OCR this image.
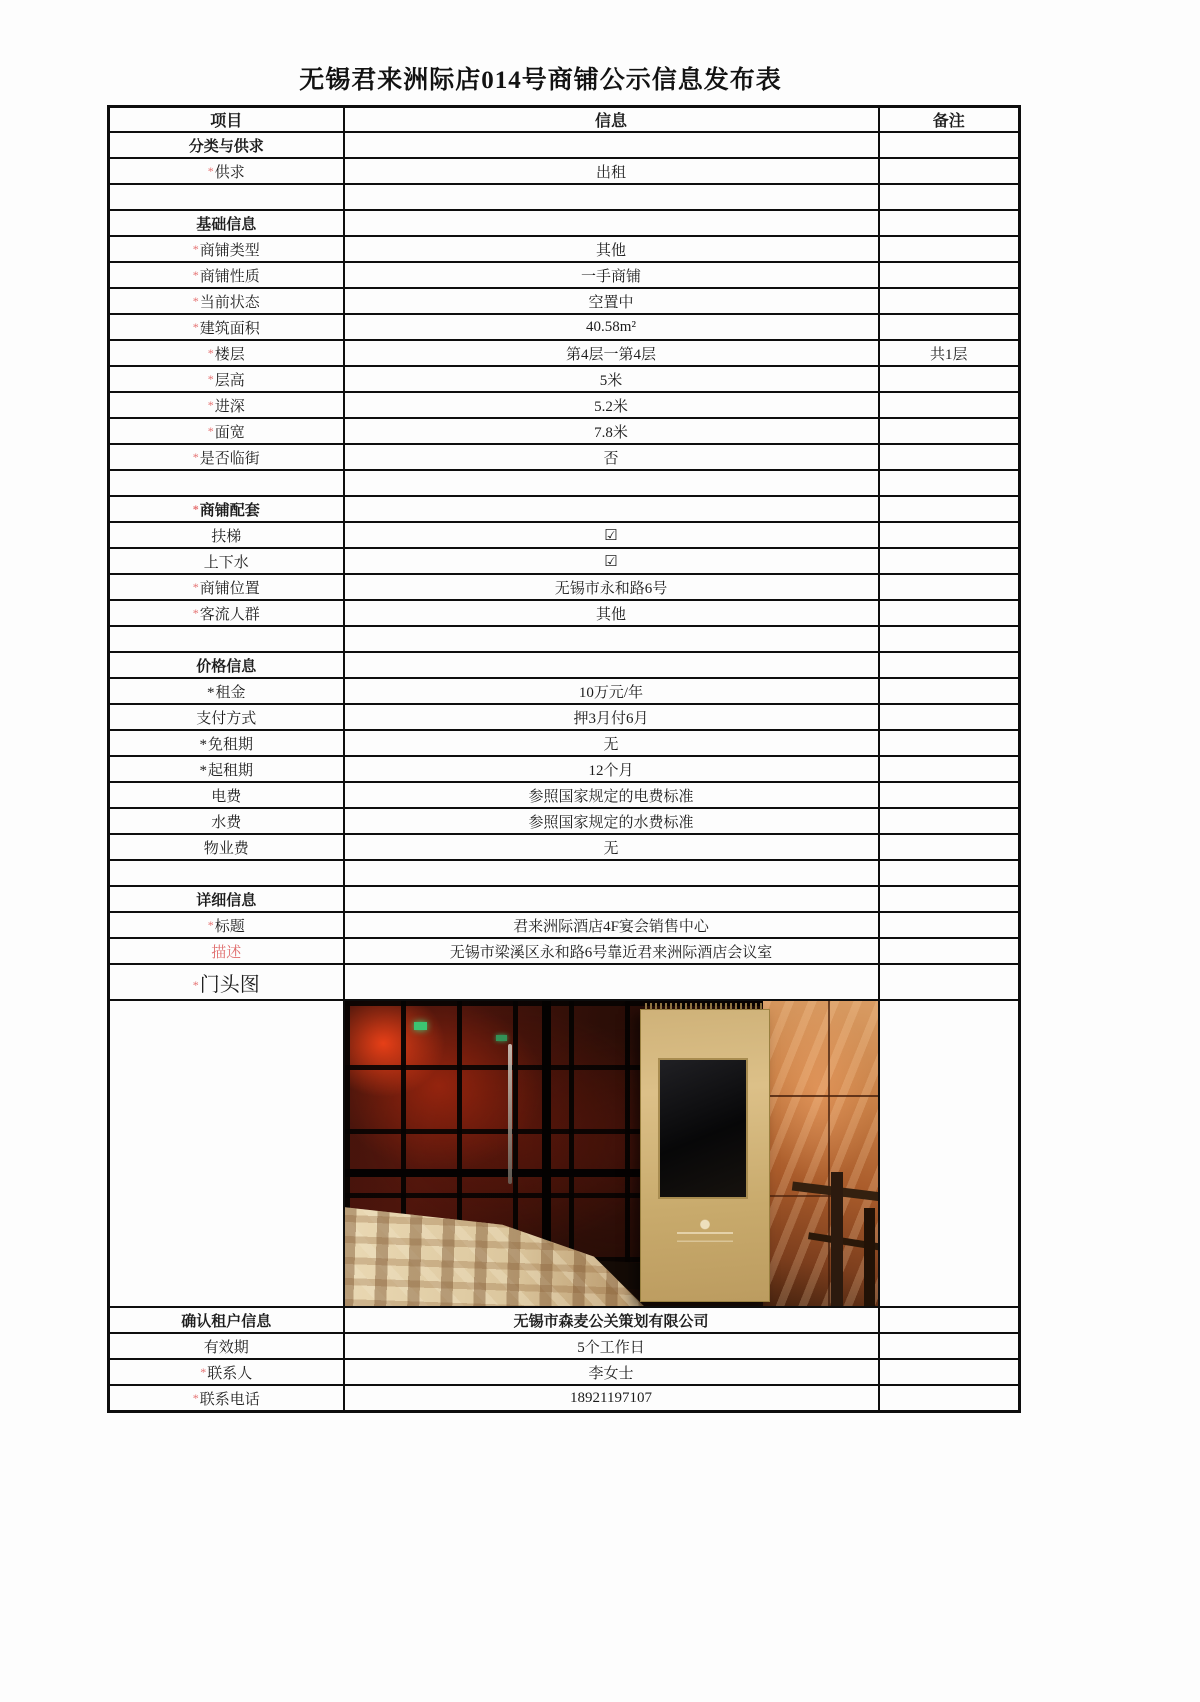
无锡君来洲际店014号商铺公示信息发布表
项目	信息	备注
分类与供求		
*供求	出租	

基础信息		
*商铺类型	其他	
*商铺性质	一手商铺	
*当前状态	空置中	
*建筑面积	40.58m²	
*楼层	第4层一第4层	共1层
*层高	5米	
*进深	5.2米	
*面宽	7.8米	
*是否临街	否	

*商铺配套		
扶梯	☑	
上下水	☑	
*商铺位置	无锡市永和路6号	
*客流人群	其他	

价格信息		
*租金	10万元/年	
支付方式	押3月付6月	
*免租期	无	
*起租期	12个月	
电费	参照国家规定的电费标准	
水费	参照国家规定的水费标准	
物业费	无	

详细信息		
*标题	君来洲际酒店4F宴会销售中心	
描述	无锡市梁溪区永和路6号靠近君来洲际酒店会议室	
*门头图		

确认租户信息	无锡市森麦公关策划有限公司	
有效期	5个工作日	
*联系人	李女士	
*联系电话	18921197107	
